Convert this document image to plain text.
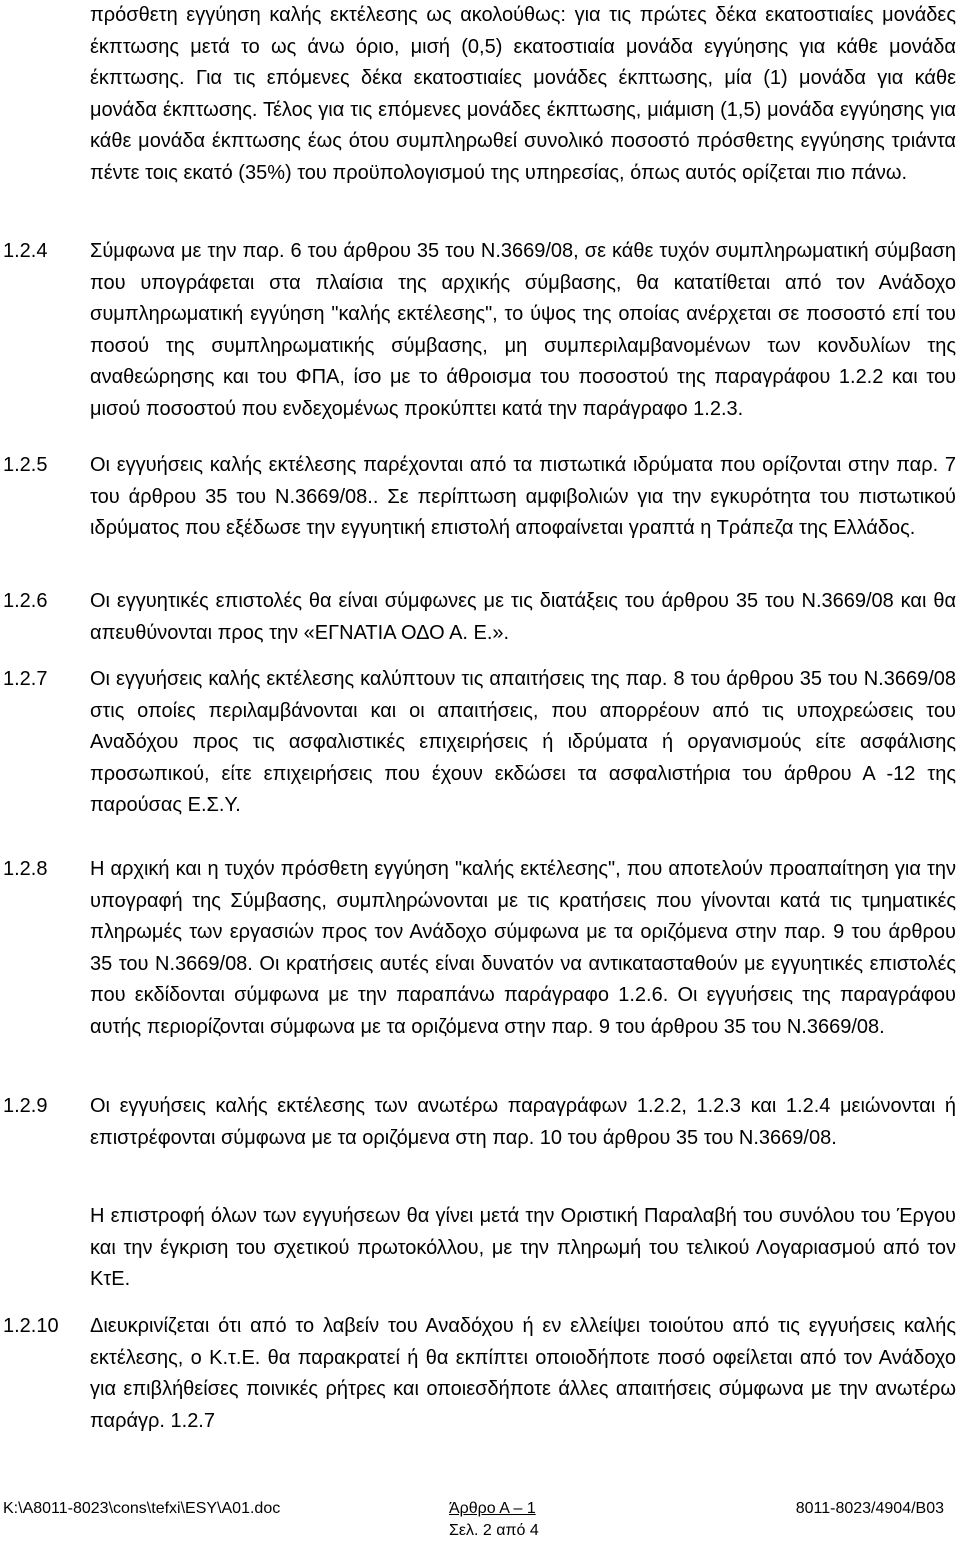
πρόσθετη εγγύηση καλής εκτέλεσης ως ακολούθως: για τις πρώτες δέκα εκατοστιαίες μονάδες έκπτωσης μετά το ως άνω όριο, μισή (0,5) εκατοστιαία μονάδα εγγύησης για κάθε μονάδα έκπτωσης. Για τις επόμενες δέκα εκατοστιαίες μονάδες έκπτωσης, μία (1) μονάδα για κάθε μονάδα έκπτωσης. Τέλος για τις επόμενες μονάδες έκπτωσης, μιάμιση (1,5) μονάδα εγγύησης για κάθε μονάδα έκπτωσης έως ότου συμπληρωθεί συνολικό ποσοστό πρόσθετης εγγύησης τριάντα πέντε τοις εκατό (35%) του προϋπολογισμού της υπηρεσίας, όπως αυτός ορίζεται πιο πάνω.

1.2.4 Σύμφωνα με την παρ. 6 του άρθρου 35 του Ν.3669/08, σε κάθε τυχόν συμπληρωματική σύμβαση που υπογράφεται στα πλαίσια της αρχικής σύμβασης, θα κατατίθεται από τον Ανάδοχο συμπληρωματική εγγύηση "καλής εκτέλεσης", το ύψος της οποίας ανέρχεται σε ποσοστό επί του ποσού της συμπληρωματικής σύμβασης, μη συμπεριλαμβανομένων των κονδυλίων της αναθεώρησης και του ΦΠΑ, ίσο με το άθροισμα του ποσοστού της παραγράφου 1.2.2 και του μισού ποσοστού που ενδεχομένως προκύπτει κατά την παράγραφο 1.2.3.

1.2.5 Οι εγγυήσεις καλής εκτέλεσης παρέχονται από τα πιστωτικά ιδρύματα που ορίζονται στην παρ. 7 του άρθρου 35 του Ν.3669/08.. Σε περίπτωση αμφιβολιών για την εγκυρότητα του πιστωτικού ιδρύματος που εξέδωσε την εγγυητική επιστολή αποφαίνεται γραπτά η Τράπεζα της Ελλάδος.

1.2.6 Οι εγγυητικές επιστολές θα είναι σύμφωνες με τις διατάξεις του άρθρου 35 του Ν.3669/08 και θα απευθύνονται προς την «ΕΓΝΑΤΙΑ ΟΔΟ Α. Ε.».

1.2.7 Οι εγγυήσεις καλής εκτέλεσης καλύπτουν τις απαιτήσεις της παρ. 8 του άρθρου 35 του Ν.3669/08 στις οποίες περιλαμβάνονται και οι απαιτήσεις, που απορρέουν από τις υποχρεώσεις του Αναδόχου προς τις ασφαλιστικές επιχειρήσεις ή ιδρύματα ή οργανισμούς είτε ασφάλισης προσωπικού, είτε επιχειρήσεις που έχουν εκδώσει τα ασφαλιστήρια του άρθρου Α -12 της παρούσας Ε.Σ.Υ.

1.2.8 Η αρχική και η τυχόν πρόσθετη εγγύηση "καλής εκτέλεσης", που αποτελούν προαπαίτηση για την υπογραφή της Σύμβασης, συμπληρώνονται με τις κρατήσεις που γίνονται κατά τις τμηματικές πληρωμές των εργασιών προς τον Ανάδοχο σύμφωνα με τα οριζόμενα στην παρ. 9 του άρθρου 35 του Ν.3669/08. Οι κρατήσεις αυτές είναι δυνατόν να αντικατασταθούν με εγγυητικές επιστολές που εκδίδονται σύμφωνα με την παραπάνω παράγραφο 1.2.6. Οι εγγυήσεις της παραγράφου αυτής περιορίζονται σύμφωνα με τα οριζόμενα στην παρ. 9 του άρθρου 35 του Ν.3669/08.

1.2.9 Οι εγγυήσεις καλής εκτέλεσης των ανωτέρω παραγράφων 1.2.2, 1.2.3 και 1.2.4 μειώνονται ή επιστρέφονται σύμφωνα με τα οριζόμενα στη παρ. 10 του άρθρου 35 του Ν.3669/08.

Η επιστροφή όλων των εγγυήσεων θα γίνει μετά την Οριστική Παραλαβή του συνόλου του Έργου και την έγκριση του σχετικού πρωτοκόλλου, με την πληρωμή του τελικού Λογαριασμού από τον ΚτΕ.

1.2.10 Διευκρινίζεται ότι από το λαβείν του Αναδόχου ή εν ελλείψει τοιούτου από τις εγγυήσεις καλής εκτέλεσης, ο Κ.τ.Ε. θα παρακρατεί ή θα εκπίπτει οποιοδήποτε ποσό οφείλεται από τον Ανάδοχο για επιβλήθείσες ποινικές ρήτρες και οποιεσδήποτε άλλες απαιτήσεις σύμφωνα με την ανωτέρω παράγρ. 1.2.7

K:\A8011-8023\cons\tefxi\ESY\A01.doc	Άρθρο Α – 1	8011-8023/4904/B03
Σελ. 2 από 4
